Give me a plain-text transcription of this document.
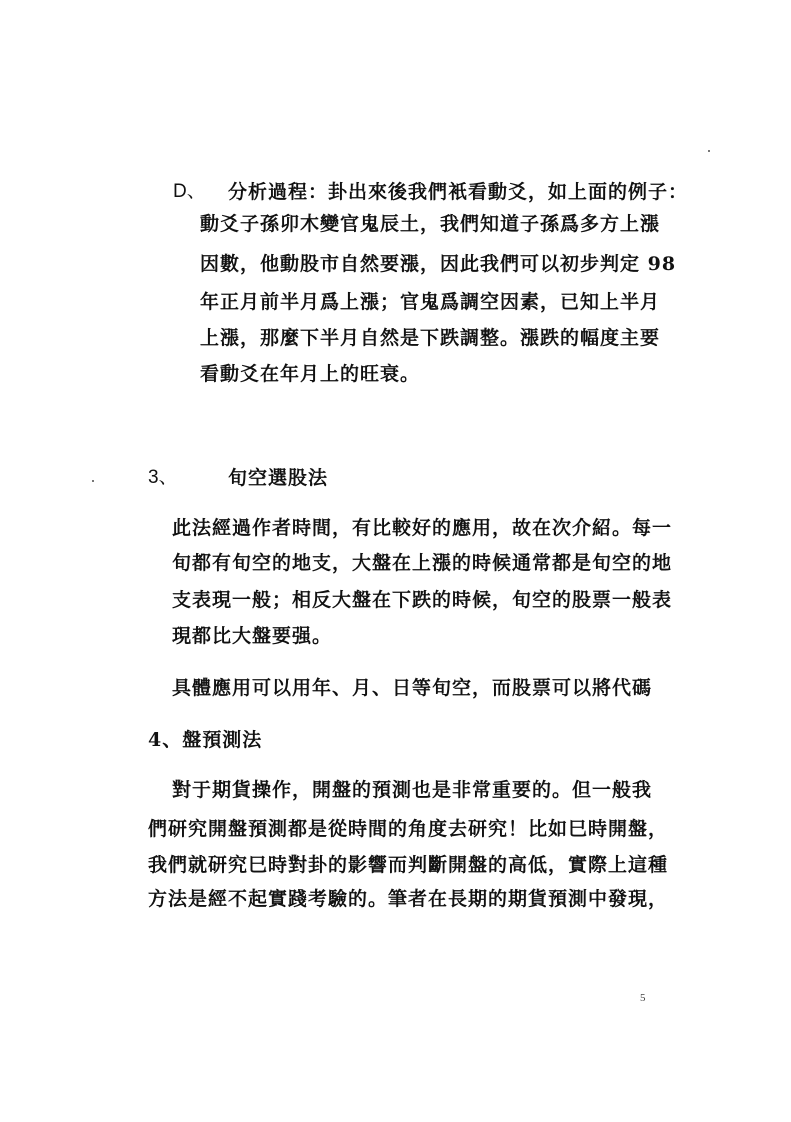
D、 分析過程：卦出來後我們衹看動爻，如上面的例子：
動爻子孫卯木變官鬼辰土，我們知道子孫爲多方上漲
因數，他動股市自然要漲，因此我們可以初步判定 98
年正月前半月爲上漲；官鬼爲調空因素，已知上半月
上漲，那麼下半月自然是下跌調整。漲跌的幅度主要
看動爻在年月上的旺衰。
3、	旬空選股法
此法經過作者時間，有比較好的應用，故在次介紹。每一
旬都有旬空的地支，大盤在上漲的時候通常都是旬空的地
支表現一般；相反大盤在下跌的時候，旬空的股票一般表
現都比大盤要强。
具體應用可以用年、月、日等旬空，而股票可以將代碼
4、盤預測法
對于期貨操作，開盤的預測也是非常重要的。但一般我
們研究開盤預測都是從時間的角度去研究！比如巳時開盤，
我們就研究巳時對卦的影響而判斷開盤的高低，實際上這種
方法是經不起實踐考驗的。筆者在長期的期貨預測中發現，
5
